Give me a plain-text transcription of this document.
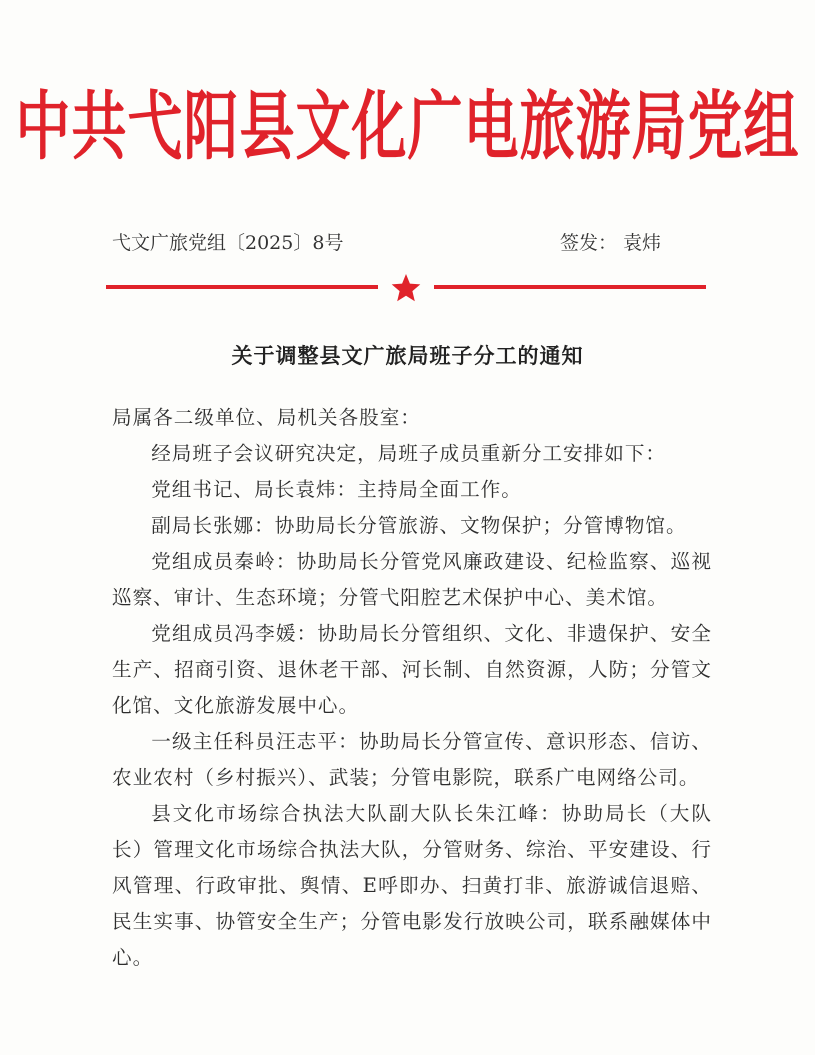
中共弋阳县文化广电旅游局党组
弋文广旅党组〔2025〕8号	签发： 袁炜
关于调整县文广旅局班子分工的通知

局属各二级单位、局机关各股室：

经局班子会议研究决定，局班子成员重新分工安排如下：

党组书记、局长袁炜：主持局全面工作。

副局长张娜：协助局长分管旅游、文物保护；分管博物馆。

党组成员秦岭：协助局长分管党风廉政建设、纪检监察、巡视巡察、审计、生态环境；分管弋阳腔艺术保护中心、美术馆。

党组成员冯李媛：协助局长分管组织、文化、非遗保护、安全生产、招商引资、退休老干部、河长制、自然资源，人防；分管文化馆、文化旅游发展中心。

一级主任科员汪志平：协助局长分管宣传、意识形态、信访、农业农村（乡村振兴）、武装；分管电影院，联系广电网络公司。

县文化市场综合执法大队副大队长朱江峰：协助局长（大队长）管理文化市场综合执法大队，分管财务、综治、平安建设、行风管理、行政审批、舆情、E呼即办、扫黄打非、旅游诚信退赔、民生实事、协管安全生产；分管电影发行放映公司，联系融媒体中心。
